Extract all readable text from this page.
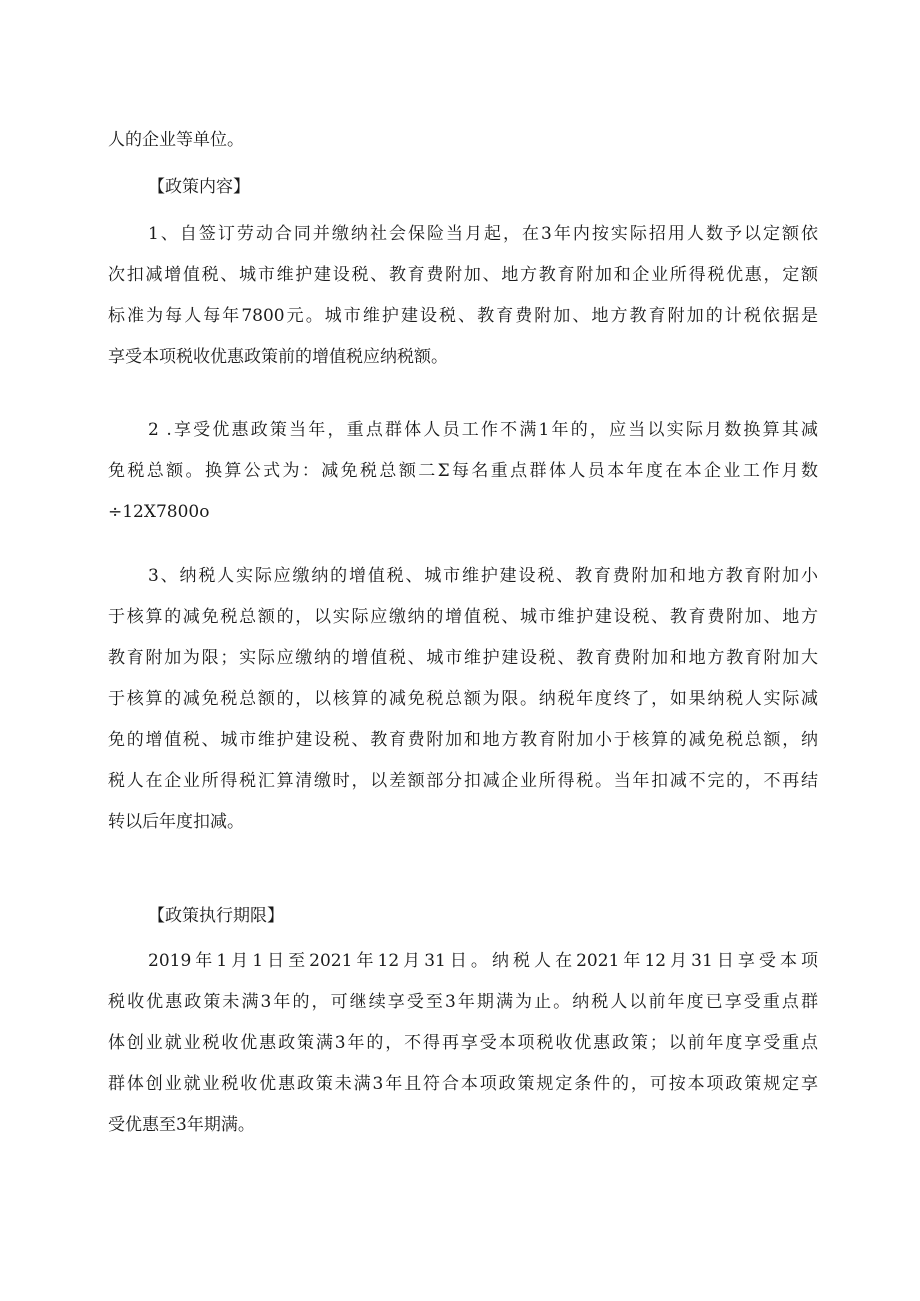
人的企业等单位。
【政策内容】
1、自签订劳动合同并缴纳社会保险当月起，在3年内按实际招用人数予以定额依
次扣减增值税、城市维护建设税、教育费附加、地方教育附加和企业所得税优惠，定额
标准为每人每年7800元。城市维护建设税、教育费附加、地方教育附加的计税依据是
享受本项税收优惠政策前的增值税应纳税额。
2 .享受优惠政策当年，重点群体人员工作不满1年的，应当以实际月数换算其减
免税总额。换算公式为：减免税总额二Σ每名重点群体人员本年度在本企业工作月数
÷12X7800o
3、纳税人实际应缴纳的增值税、城市维护建设税、教育费附加和地方教育附加小
于核算的减免税总额的，以实际应缴纳的增值税、城市维护建设税、教育费附加、地方
教育附加为限；实际应缴纳的增值税、城市维护建设税、教育费附加和地方教育附加大
于核算的减免税总额的，以核算的减免税总额为限。纳税年度终了，如果纳税人实际减
免的增值税、城市维护建设税、教育费附加和地方教育附加小于核算的减免税总额，纳
税人在企业所得税汇算清缴时，以差额部分扣减企业所得税。当年扣减不完的，不再结
转以后年度扣减。
【政策执行期限】
2019年1月1日至2021年12月31日。纳税人在2021年12月31日享受本项
税收优惠政策未满3年的，可继续享受至3年期满为止。纳税人以前年度已享受重点群
体创业就业税收优惠政策满3年的，不得再享受本项税收优惠政策；以前年度享受重点
群体创业就业税收优惠政策未满3年且符合本项政策规定条件的，可按本项政策规定享
受优惠至3年期满。
